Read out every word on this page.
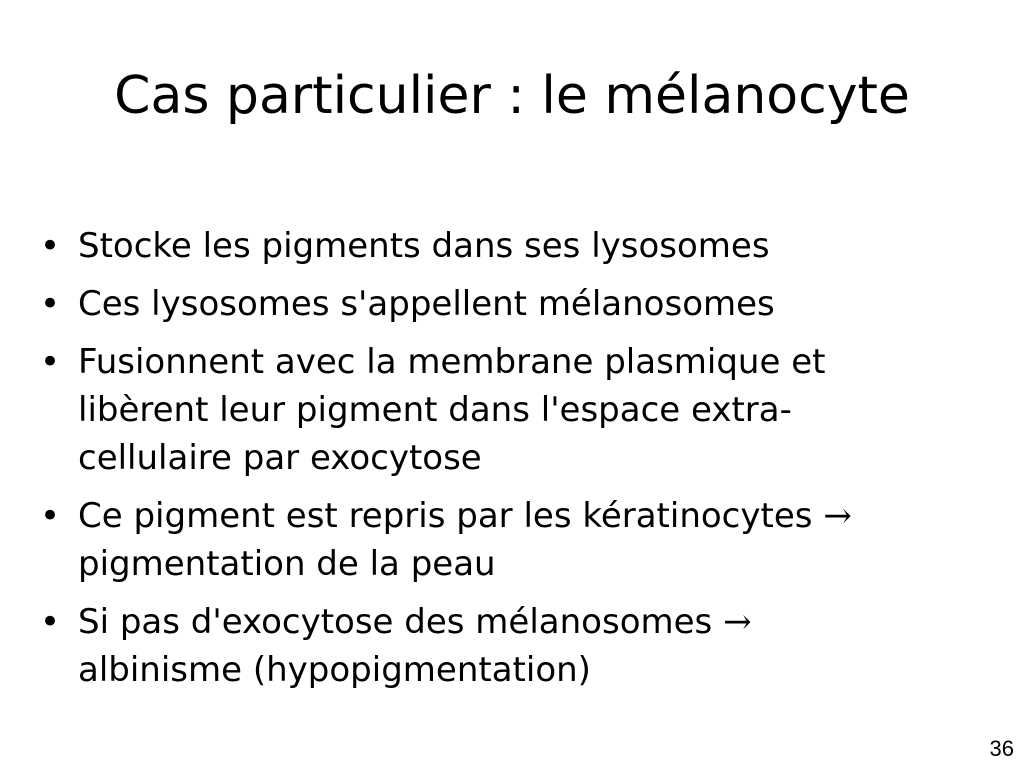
Cas particulier : le mélanocyte
• Stocke les pigments dans ses lysosomes
• Ces lysosomes s'appellent mélanosomes
• Fusionnent avec la membrane plasmique et
libèrent leur pigment dans l'espace extra-
cellulaire par exocytose
• Ce pigment est repris par les kératinocytes →
pigmentation de la peau
• Si pas d'exocytose des mélanosomes →
albinisme (hypopigmentation)
36
